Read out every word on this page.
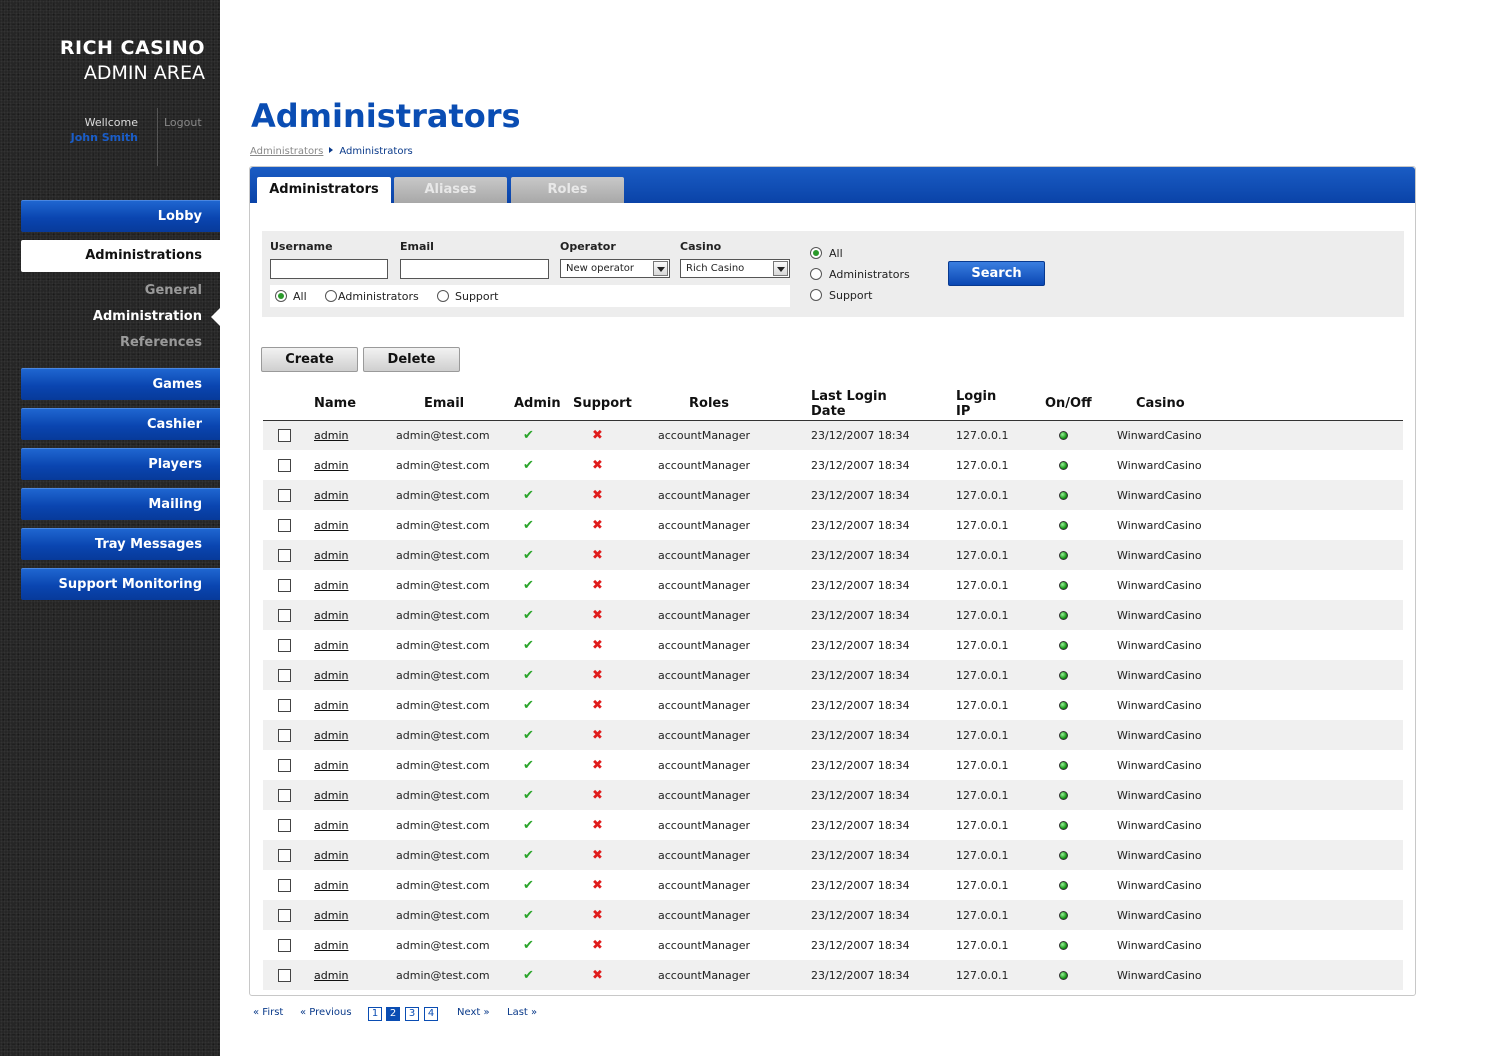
RICH CASINO
ADMIN AREA
Wellcome
John Smith
Logout
Lobby
Administrations
General
Administration
References
Games
Cashier
Players
Mailing
Tray Messages
Support Monitoring
Administrators
Administrators Administrators
Administrators	Aliases	Roles
Username	Email	Operator
New operator
Casino
Rich Casino
All	Administrators	Support
All
Administrators
Support
Search
Create	Delete
	Name	Email	Admin	Support	Roles	Last Login Date	Login IP	On/Off	Casino
	admin	admin@test.com	✔	✖	accountManager	23/12/2007 18:34	127.0.0.1		WinwardCasino
	admin	admin@test.com	✔	✖	accountManager	23/12/2007 18:34	127.0.0.1		WinwardCasino
	admin	admin@test.com	✔	✖	accountManager	23/12/2007 18:34	127.0.0.1		WinwardCasino
	admin	admin@test.com	✔	✖	accountManager	23/12/2007 18:34	127.0.0.1		WinwardCasino
	admin	admin@test.com	✔	✖	accountManager	23/12/2007 18:34	127.0.0.1		WinwardCasino
	admin	admin@test.com	✔	✖	accountManager	23/12/2007 18:34	127.0.0.1		WinwardCasino
	admin	admin@test.com	✔	✖	accountManager	23/12/2007 18:34	127.0.0.1		WinwardCasino
	admin	admin@test.com	✔	✖	accountManager	23/12/2007 18:34	127.0.0.1		WinwardCasino
	admin	admin@test.com	✔	✖	accountManager	23/12/2007 18:34	127.0.0.1		WinwardCasino
	admin	admin@test.com	✔	✖	accountManager	23/12/2007 18:34	127.0.0.1		WinwardCasino
	admin	admin@test.com	✔	✖	accountManager	23/12/2007 18:34	127.0.0.1		WinwardCasino
	admin	admin@test.com	✔	✖	accountManager	23/12/2007 18:34	127.0.0.1		WinwardCasino
	admin	admin@test.com	✔	✖	accountManager	23/12/2007 18:34	127.0.0.1		WinwardCasino
	admin	admin@test.com	✔	✖	accountManager	23/12/2007 18:34	127.0.0.1		WinwardCasino
	admin	admin@test.com	✔	✖	accountManager	23/12/2007 18:34	127.0.0.1		WinwardCasino
	admin	admin@test.com	✔	✖	accountManager	23/12/2007 18:34	127.0.0.1		WinwardCasino
	admin	admin@test.com	✔	✖	accountManager	23/12/2007 18:34	127.0.0.1		WinwardCasino
	admin	admin@test.com	✔	✖	accountManager	23/12/2007 18:34	127.0.0.1		WinwardCasino
	admin	admin@test.com	✔	✖	accountManager	23/12/2007 18:34	127.0.0.1		WinwardCasino
« First « Previous	1	2	3	4	Next » Last »
